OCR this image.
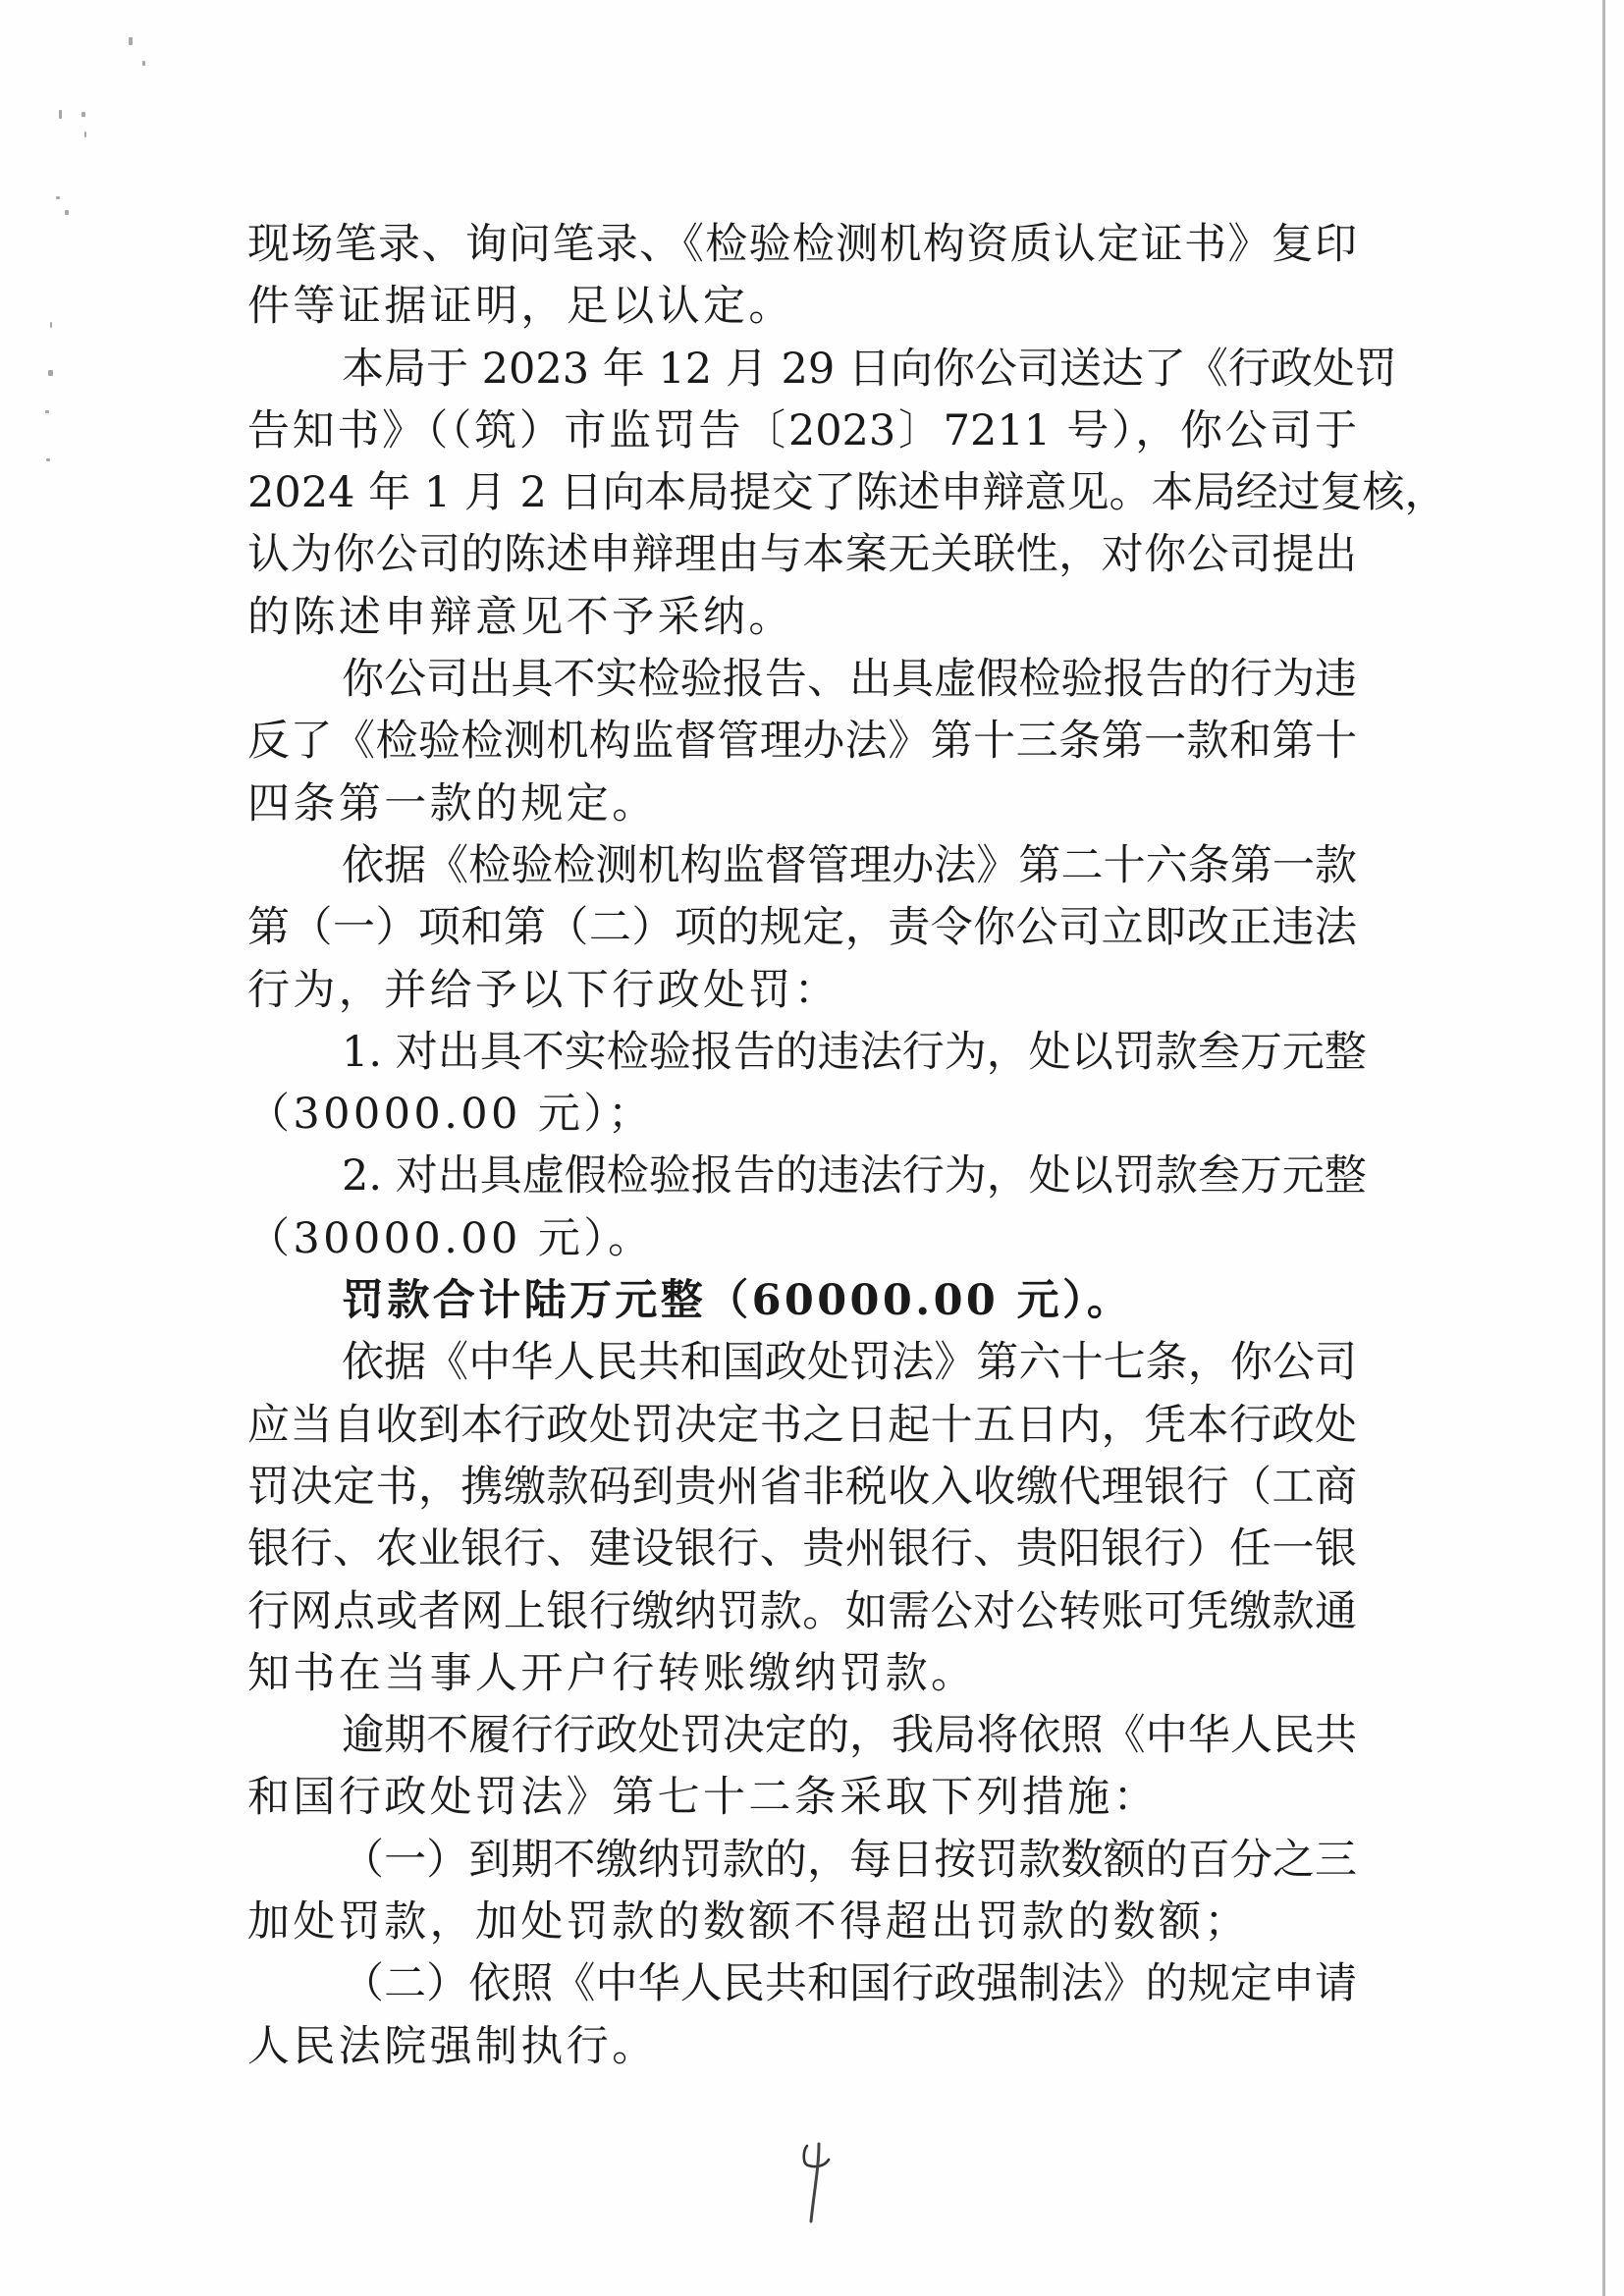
现场笔录、询问笔录、《检验检测机构资质认定证书》复印
件等证据证明，足以认定。
本局于 2023 年 12 月 29 日向你公司送达了《行政处罚
告知书》（（筑）市监罚告〔2023〕7211 号），你公司于
2024 年 1 月 2 日向本局提交了陈述申辩意见。本局经过复核，
认为你公司的陈述申辩理由与本案无关联性，对你公司提出
的陈述申辩意见不予采纳。
你公司出具不实检验报告、出具虚假检验报告的行为违
反了《检验检测机构监督管理办法》第十三条第一款和第十
四条第一款的规定。
依据《检验检测机构监督管理办法》第二十六条第一款
第（一）项和第（二）项的规定，责令你公司立即改正违法
行为，并给予以下行政处罚：
1. 对出具不实检验报告的违法行为，处以罚款叁万元整
（30000.00 元）；
2. 对出具虚假检验报告的违法行为，处以罚款叁万元整
（30000.00 元）。
罚款合计陆万元整（60000.00 元）。
依据《中华人民共和国政处罚法》第六十七条，你公司
应当自收到本行政处罚决定书之日起十五日内，凭本行政处
罚决定书，携缴款码到贵州省非税收入收缴代理银行（工商
银行、农业银行、建设银行、贵州银行、贵阳银行）任一银
行网点或者网上银行缴纳罚款。如需公对公转账可凭缴款通
知书在当事人开户行转账缴纳罚款。
逾期不履行行政处罚决定的，我局将依照《中华人民共
和国行政处罚法》第七十二条采取下列措施：
（一）到期不缴纳罚款的，每日按罚款数额的百分之三
加处罚款，加处罚款的数额不得超出罚款的数额；
（二）依照《中华人民共和国行政强制法》的规定申请
人民法院强制执行。
